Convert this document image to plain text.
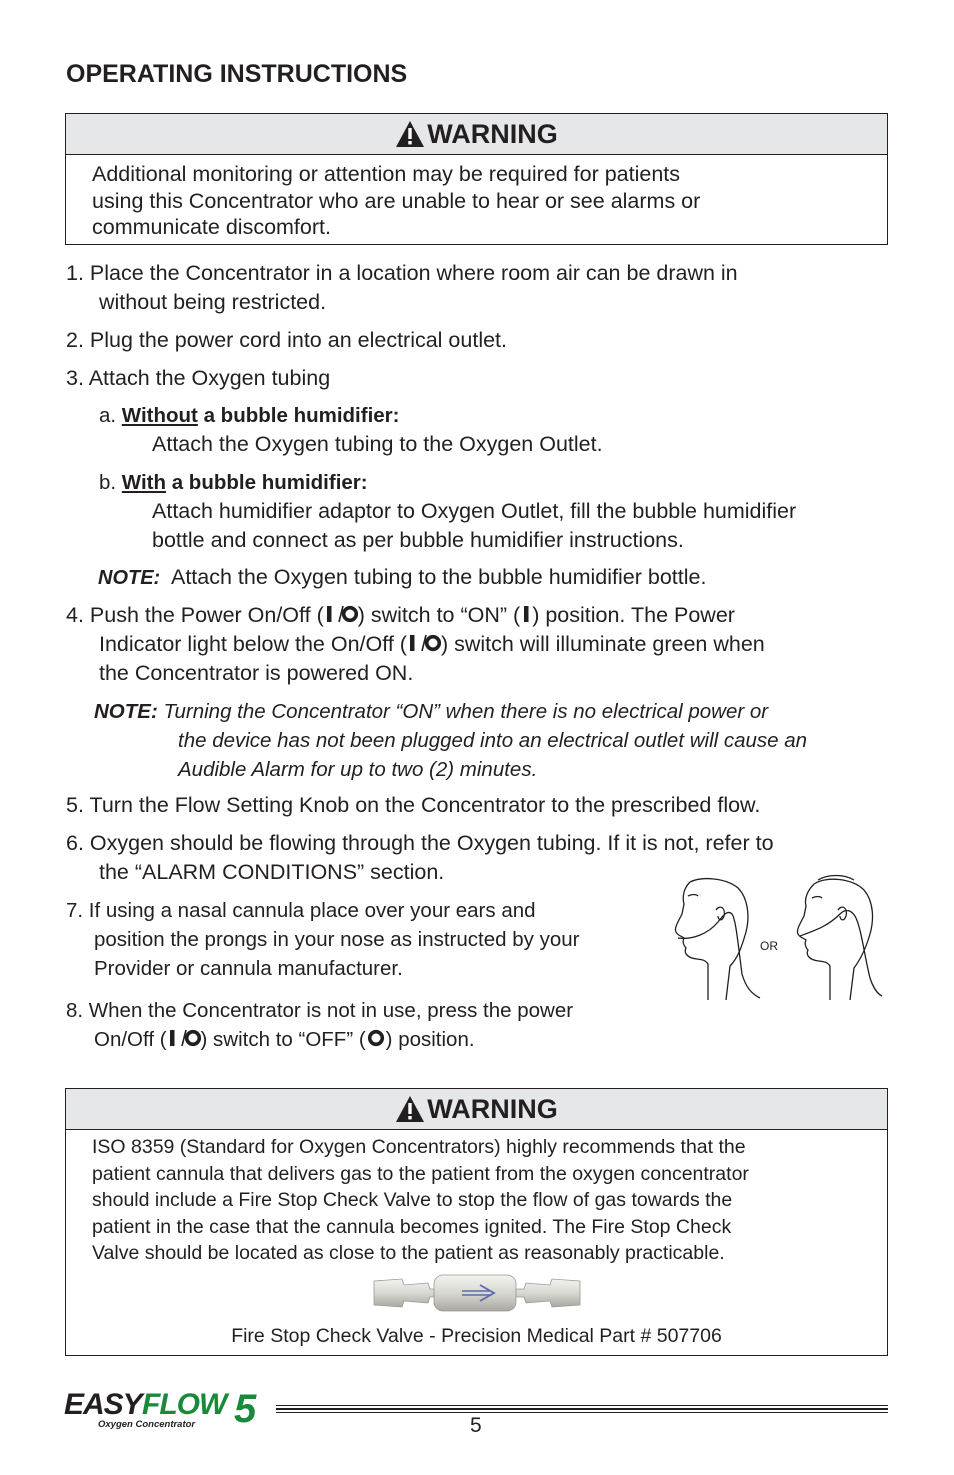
OPERATING INSTRUCTIONS
WARNING
Additional monitoring or attention may be required for patients
using this Concentrator who are unable to hear or see alarms or
communicate discomfort.
1. Place the Concentrator in a location where room air can be drawn in
without being restricted.
2. Plug the power cord into an electrical outlet.
3. Attach the Oxygen tubing
a. Without a bubble humidifier:
Attach the Oxygen tubing to the Oxygen Outlet.
b. With a bubble humidifier:
Attach humidifier adaptor to Oxygen Outlet, fill the bubble humidifier
bottle and connect as per bubble humidifier instructions.
NOTE: Attach the Oxygen tubing to the bubble humidifier bottle.
4. Push the Power On/Off ( ) switch to “ON” ( ) position. The Power
Indicator light below the On/Off ( ) switch will illuminate green when
the Concentrator is powered ON.
NOTE: Turning the Concentrator “ON” when there is no electrical power or
the device has not been plugged into an electrical outlet will cause an
Audible Alarm for up to two (2) minutes.
5. Turn the Flow Setting Knob on the Concentrator to the prescribed flow.
6. Oxygen should be flowing through the Oxygen tubing. If it is not, refer to
the “ALARM CONDITIONS” section.
7. If using a nasal cannula place over your ears and
position the prongs in your nose as instructed by your
Provider or cannula manufacturer.
OR
8. When the Concentrator is not in use, press the power
On/Off ( ) switch to “OFF” ( ) position.
WARNING
ISO 8359 (Standard for Oxygen Concentrators) highly recommends that the
patient cannula that delivers gas to the patient from the oxygen concentrator
should include a Fire Stop Check Valve to stop the flow of gas towards the
patient in the case that the cannula becomes ignited. The Fire Stop Check
Valve should be located as close to the patient as reasonably practicable.
Fire Stop Check Valve - Precision Medical Part # 507706
EASY FLOW 5
Oxygen Concentrator	5
